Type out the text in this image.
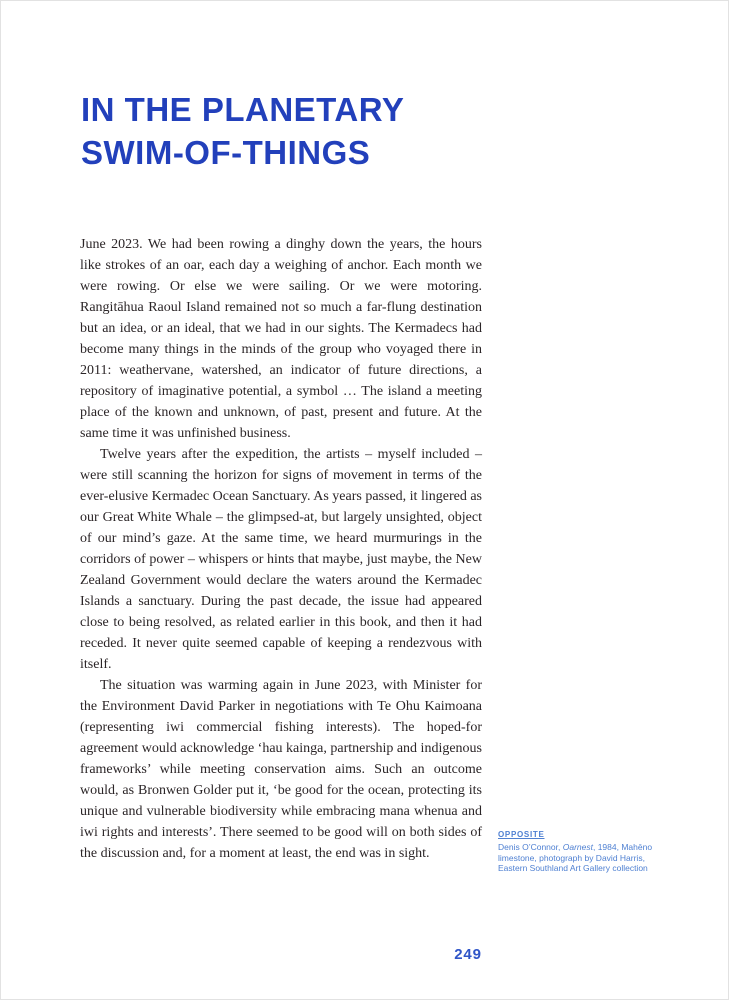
IN THE PLANETARY
SWIM-OF-THINGS

June 2023. We had been rowing a dinghy down the years, the hours like strokes of an oar, each day a weighing of anchor. Each month we were rowing. Or else we were sailing. Or we were motoring. Rangitāhua Raoul Island remained not so much a far-flung destination but an idea, or an ideal, that we had in our sights. The Kermadecs had become many things in the minds of the group who voyaged there in 2011: weathervane, watershed, an indicator of future directions, a repository of imaginative potential, a symbol … The island a meeting place of the known and unknown, of past, present and future. At the same time it was unfinished business.

Twelve years after the expedition, the artists – myself included – were still scanning the horizon for signs of movement in terms of the ever-elusive Kermadec Ocean Sanctuary. As years passed, it lingered as our Great White Whale – the glimpsed-at, but largely unsighted, object of our mind’s gaze. At the same time, we heard murmurings in the corridors of power – whispers or hints that maybe, just maybe, the New Zealand Government would declare the waters around the Kermadec Islands a sanctuary. During the past decade, the issue had appeared close to being resolved, as related earlier in this book, and then it had receded. It never quite seemed capable of keeping a rendezvous with itself.

The situation was warming again in June 2023, with Minister for the Environment David Parker in negotiations with Te Ohu Kaimoana (representing iwi commercial fishing interests). The hoped-for agreement would acknowledge ‘hau kainga, partnership and indigenous frameworks’ while meeting conservation aims. Such an outcome would, as Bronwen Golder put it, ‘be good for the ocean, protecting its unique and vulnerable biodiversity while embracing mana whenua and iwi rights and interests’. There seemed to be good will on both sides of the discussion and, for a moment at least, the end was in sight.

OPPOSITE
Denis O’Connor, Oarnest, 1984, Mahēno limestone, photograph by David Harris, Eastern Southland Art Gallery collection
249
